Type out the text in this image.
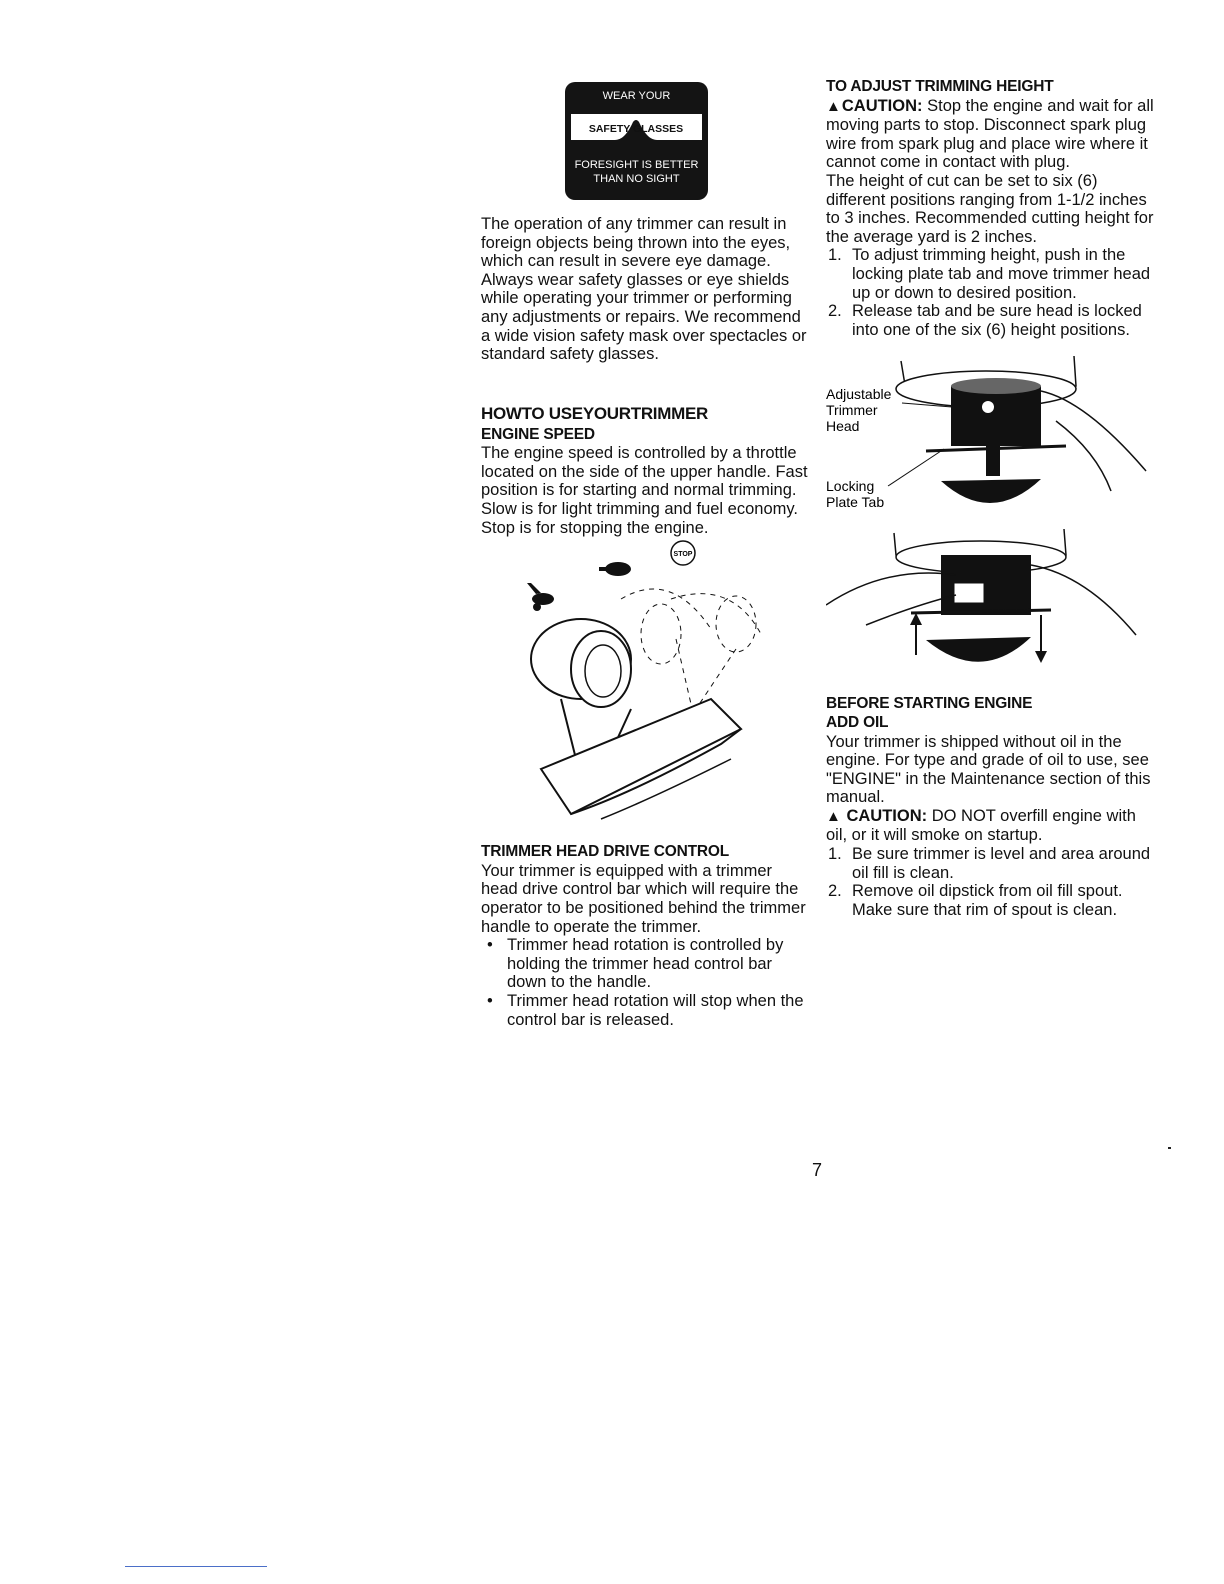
WEAR YOUR
SAFETY GLASSES
FORESIGHT IS BETTER
THAN NO SIGHT

The operation of any trimmer can result in foreign objects being thrown into the eyes, which can result in severe eye damage. Always wear safety glasses or eye shields while operating your trimmer or performing any adjustments or repairs. We recommend a wide vision safety mask over spectacles or standard safety glasses.

HOWTO USEYOURTRIMMER
ENGINE SPEED

The engine speed is controlled by a throttle located on the side of the upper handle. Fast position is for starting and normal trimming. Slow is for light trimming and fuel economy. Stop is for stopping the engine.

STOP
TRIMMER HEAD DRIVE CONTROL

Your trimmer is equipped with a trimmer head drive control bar which will require the operator to be positioned behind the trimmer handle to operate the trimmer.

• Trimmer head rotation is controlled by holding the trimmer head control bar down to the handle.
• Trimmer head rotation will stop when the control bar is released.
TO ADJUST TRIMMING HEIGHT

▲CAUTION: Stop the engine and wait for all moving parts to stop. Disconnect spark plug wire from spark plug and place wire where it cannot come in contact with plug.

The height of cut can be set to six (6) different positions ranging from 1-1/2 inches to 3 inches. Recommended cutting height for the average yard is 2 inches.

1. To adjust trimming height, push in the locking plate tab and move trimmer head up or down to desired position.
2. Release tab and be sure head is locked into one of the six (6) height positions.
Adjustable
Trimmer
Head
Locking
Plate Tab
BEFORE STARTING ENGINE
ADD OIL

Your trimmer is shipped without oil in the engine. For type and grade of oil to use, see "ENGINE" in the Maintenance section of this manual.

▲ CAUTION: DO NOT overfill engine with oil, or it will smoke on startup.

1. Be sure trimmer is level and area around oil fill is clean.
2. Remove oil dipstick from oil fill spout. Make sure that rim of spout is clean.
7
